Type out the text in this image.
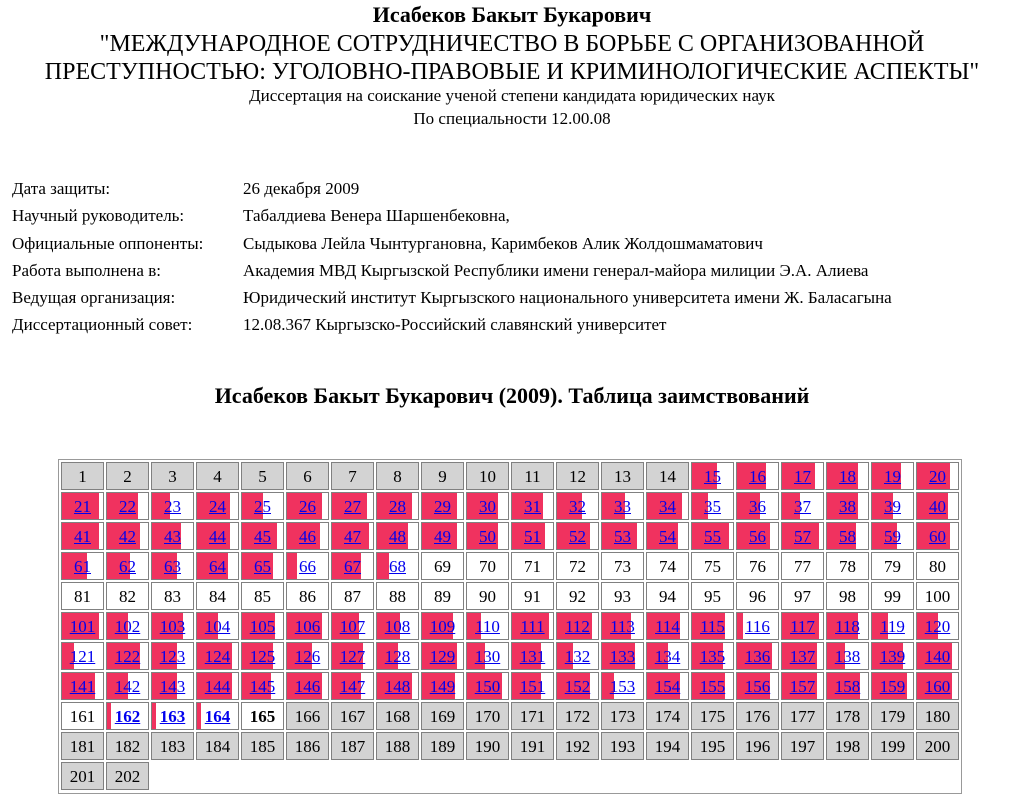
Исабеков Бакыт Букарович
"МЕЖДУНАРОДНОЕ СОТРУДНИЧЕСТВО В БОРЬБЕ С ОРГАНИЗОВАННОЙ
ПРЕСТУПНОСТЬЮ: УГОЛОВНО-ПРАВОВЫЕ И КРИМИНОЛОГИЧЕСКИЕ АСПЕКТЫ"
Диссертация на соискание ученой степени кандидата юридических наук
По специальности 12.00.08
Дата защиты:	26 декабря 2009
Научный руководитель:	Табалдиева Венера Шаршенбековна,
Официальные оппоненты: Сыдыкова Лейла Чынтургановна, Каримбеков Алик Жолдошмаматович
Работа выполнена в:	Академия МВД Кыргызской Республики имени генерал-майора милиции Э.А. Алиева
Ведущая организация:	Юридический институт Кыргызского национального университета имени Ж. Баласагына
Диссертационный совет:	12.08.367 Кыргызско-Российский славянский университет
Исабеков Бакыт Букарович (2009). Таблица заимствований
1	2	3	4	5	6	7	8	9	10	11	12	13	14	15	16	17	18	19	20
21	22	23	24	25	26	27	28	29	30	31	32	33	34	35	36	37	38	39	40
41	42	43	44	45	46	47	48	49	50	51	52	53	54	55	56	57	58	59	60
61	62	63	64	65	66	67	68	69	70	71	72	73	74	75	76	77	78	79	80
81	82	83	84	85	86	87	88	89	90	91	92	93	94	95	96	97	98	99	100
101	102	103	104	105	106	107	108	109	110	111	112	113	114	115	116	117	118	119	120
121	122	123	124	125	126	127	128	129	130	131	132	133	134	135	136	137	138	139	140
141	142	143	144	145	146	147	148	149	150	151	152	153	154	155	156	157	158	159	160
161	162	163	164	165	166	167	168	169	170	171	172	173	174	175	176	177	178	179	180
181	182	183	184	185	186	187	188	189	190	191	192	193	194	195	196	197	198	199	200
201	202
